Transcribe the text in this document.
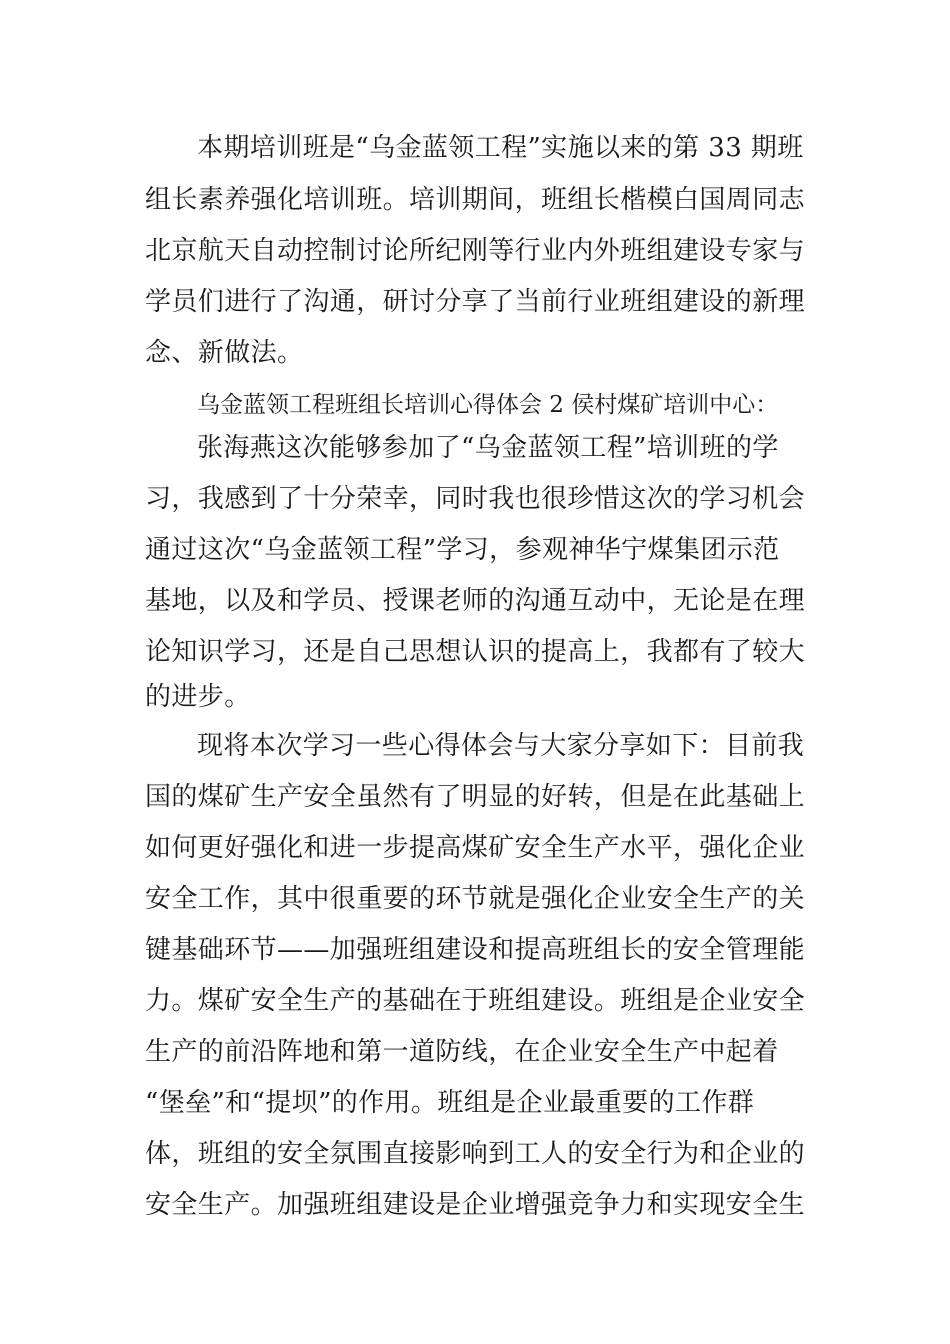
本期培训班是“乌金蓝领工程”实施以来的第 33 期班
组长素养强化培训班。培训期间，班组长楷模白国周同志
北京航天自动控制讨论所纪刚等行业内外班组建设专家与
学员们进行了沟通，研讨分享了当前行业班组建设的新理
念、新做法。
乌金蓝领工程班组长培训心得体会 2 侯村煤矿培训中心：
张海燕这次能够参加了“乌金蓝领工程”培训班的学
习，我感到了十分荣幸，同时我也很珍惜这次的学习机会
通过这次“乌金蓝领工程”学习，参观神华宁煤集团示范
基地，以及和学员、授课老师的沟通互动中，无论是在理
论知识学习，还是自己思想认识的提高上，我都有了较大
的进步。
现将本次学习一些心得体会与大家分享如下：目前我
国的煤矿生产安全虽然有了明显的好转，但是在此基础上
如何更好强化和进一步提高煤矿安全生产水平，强化企业
安全工作，其中很重要的环节就是强化企业安全生产的关
键基础环节——加强班组建设和提高班组长的安全管理能
力。煤矿安全生产的基础在于班组建设。班组是企业安全
生产的前沿阵地和第一道防线，在企业安全生产中起着
“堡垒”和“提坝”的作用。班组是企业最重要的工作群
体，班组的安全氛围直接影响到工人的安全行为和企业的
安全生产。加强班组建设是企业增强竞争力和实现安全生
